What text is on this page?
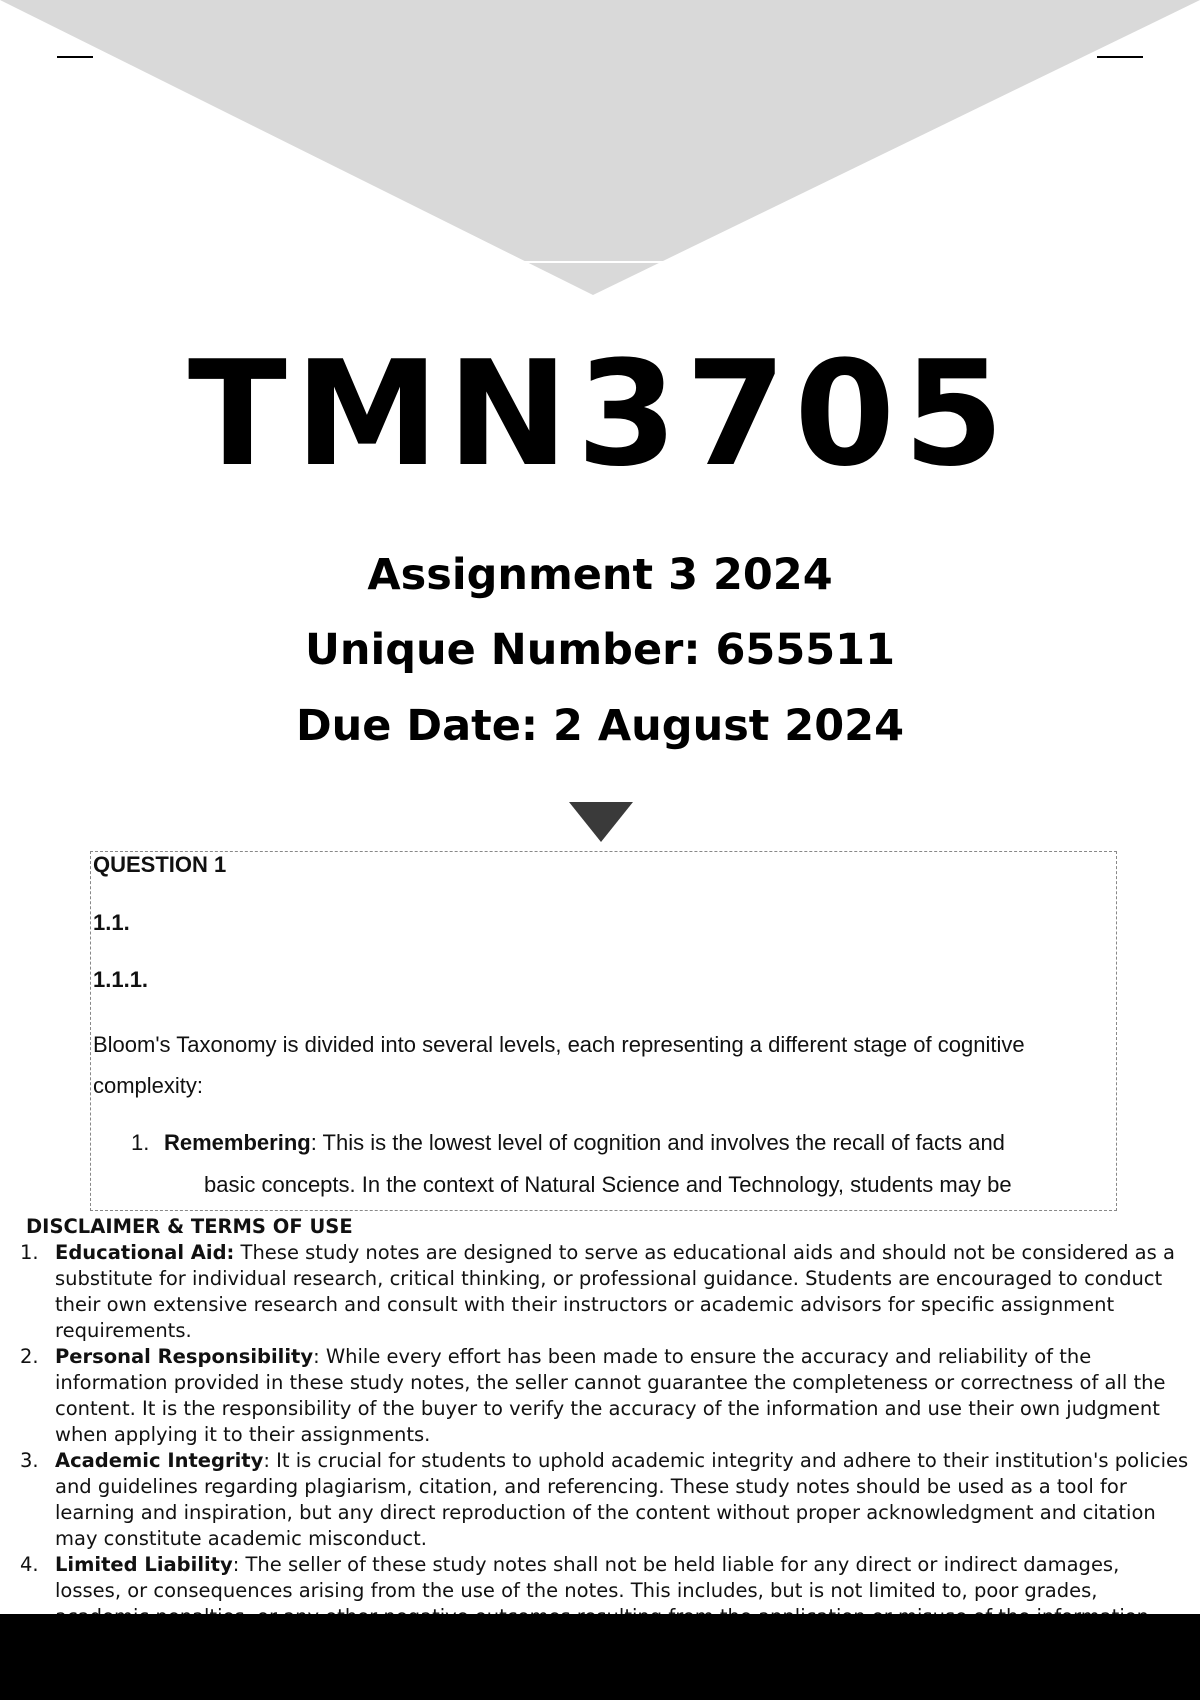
TMN3705
Assignment 3 2024
Unique Number: 655511
Due Date: 2 August 2024
QUESTION 1
1.1.
1.1.1.
Bloom's Taxonomy is divided into several levels, each representing a different stage of cognitive complexity:
1. Remembering: This is the lowest level of cognition and involves the recall of facts and
basic concepts. In the context of Natural Science and Technology, students may be
DISCLAIMER & TERMS OF USE
1. Educational Aid: These study notes are designed to serve as educational aids and should not be considered as a substitute for individual research, critical thinking, or professional guidance. Students are encouraged to conduct their own extensive research and consult with their instructors or academic advisors for specific assignment requirements.
2. Personal Responsibility: While every effort has been made to ensure the accuracy and reliability of the information provided in these study notes, the seller cannot guarantee the completeness or correctness of all the content. It is the responsibility of the buyer to verify the accuracy of the information and use their own judgment when applying it to their assignments.
3. Academic Integrity: It is crucial for students to uphold academic integrity and adhere to their institution's policies and guidelines regarding plagiarism, citation, and referencing. These study notes should be used as a tool for learning and inspiration, but any direct reproduction of the content without proper acknowledgment and citation may constitute academic misconduct.
4. Limited Liability: The seller of these study notes shall not be held liable for any direct or indirect damages, losses, or consequences arising from the use of the notes. This includes, but is not limited to, poor grades,
